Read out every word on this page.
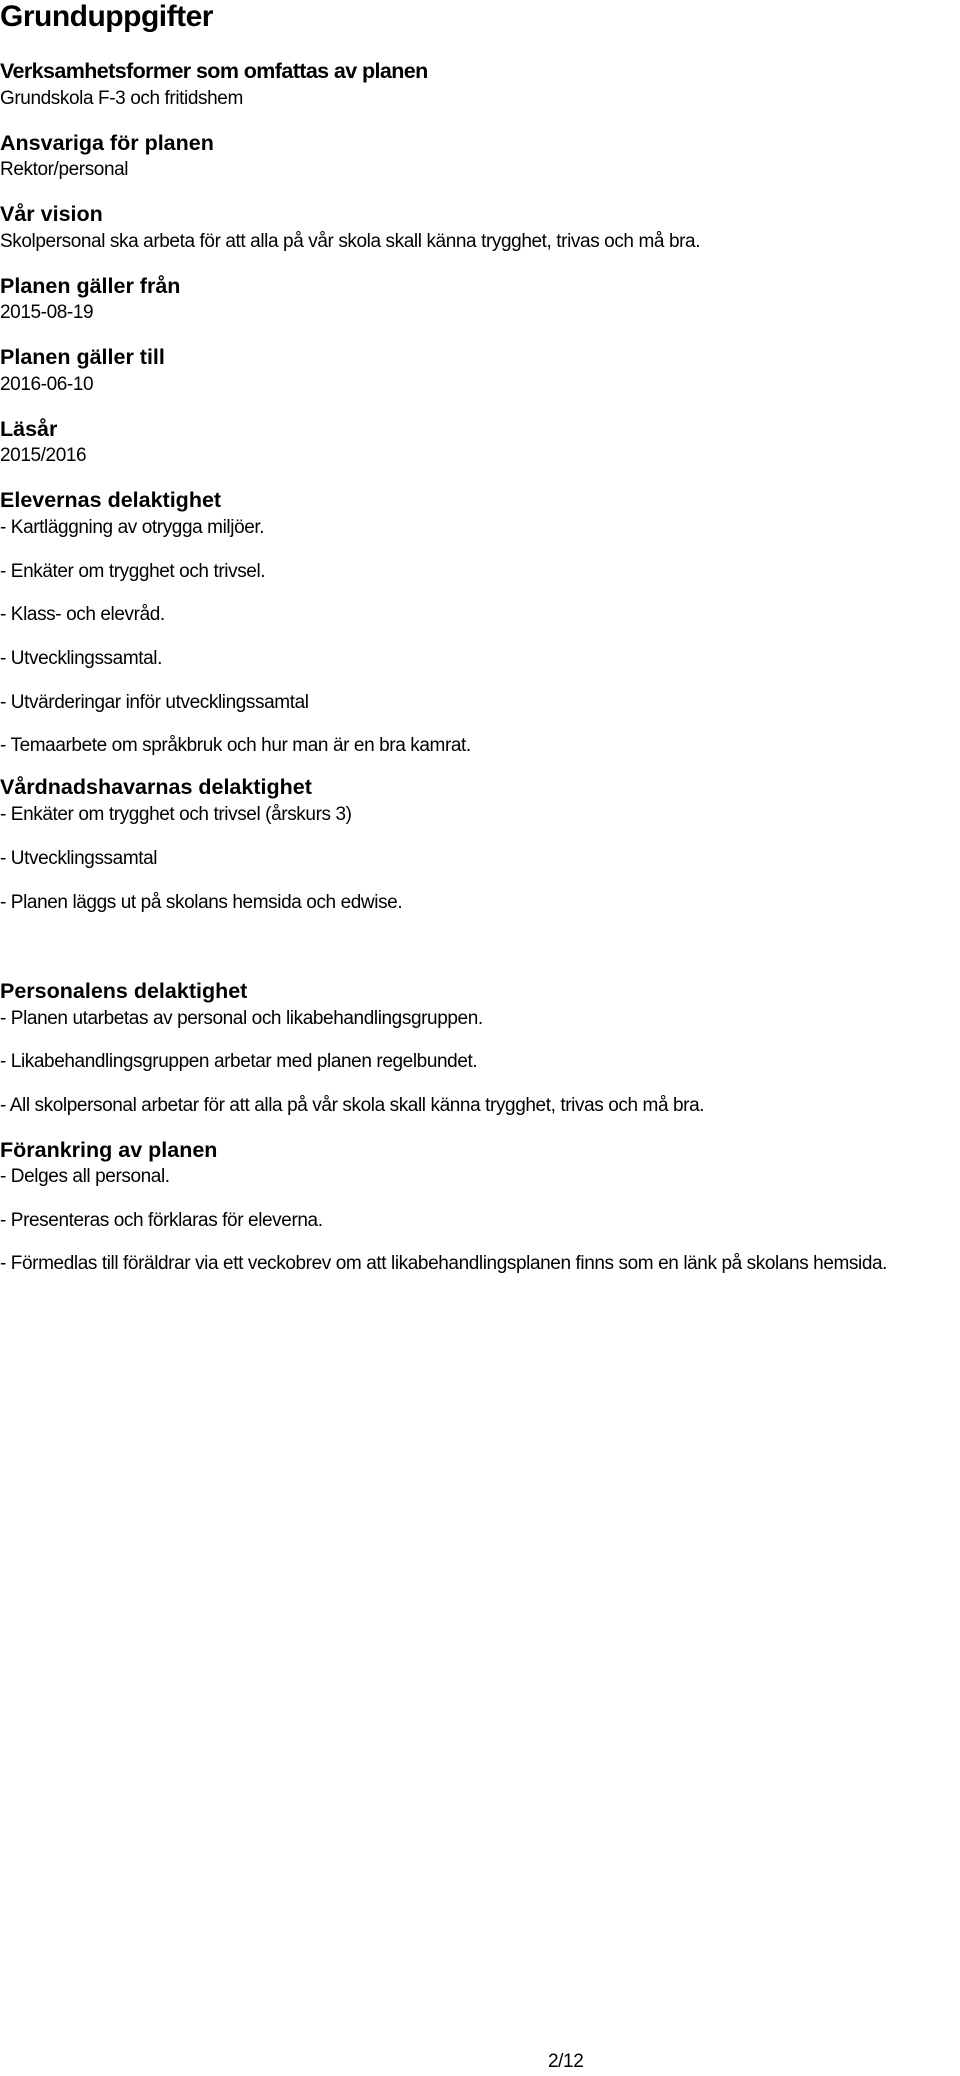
Grunduppgifter
Verksamhetsformer som omfattas av planen
Grundskola F-3 och fritidshem
Ansvariga för planen
Rektor/personal
Vår vision
Skolpersonal ska arbeta för att alla på vår skola skall känna trygghet, trivas och må bra.
Planen gäller från
2015-08-19
Planen gäller till
2016-06-10
Läsår
2015/2016
Elevernas delaktighet
- Kartläggning av otrygga miljöer.
- Enkäter om trygghet och trivsel.
- Klass- och elevråd.
- Utvecklingssamtal.
- Utvärderingar inför utvecklingssamtal
- Temaarbete om språkbruk och hur man är en bra kamrat.
Vårdnadshavarnas delaktighet
- Enkäter om trygghet och trivsel (årskurs 3)
- Utvecklingssamtal
- Planen läggs ut på skolans hemsida och edwise.
Personalens delaktighet
- Planen utarbetas av personal och likabehandlingsgruppen.
- Likabehandlingsgruppen arbetar med planen regelbundet.
- All skolpersonal arbetar för att alla på vår skola skall känna trygghet, trivas och må bra.
Förankring av planen
- Delges all personal.
- Presenteras och förklaras för eleverna.
- Förmedlas till föräldrar via ett veckobrev om att likabehandlingsplanen finns som en länk på skolans hemsida.
2/12
